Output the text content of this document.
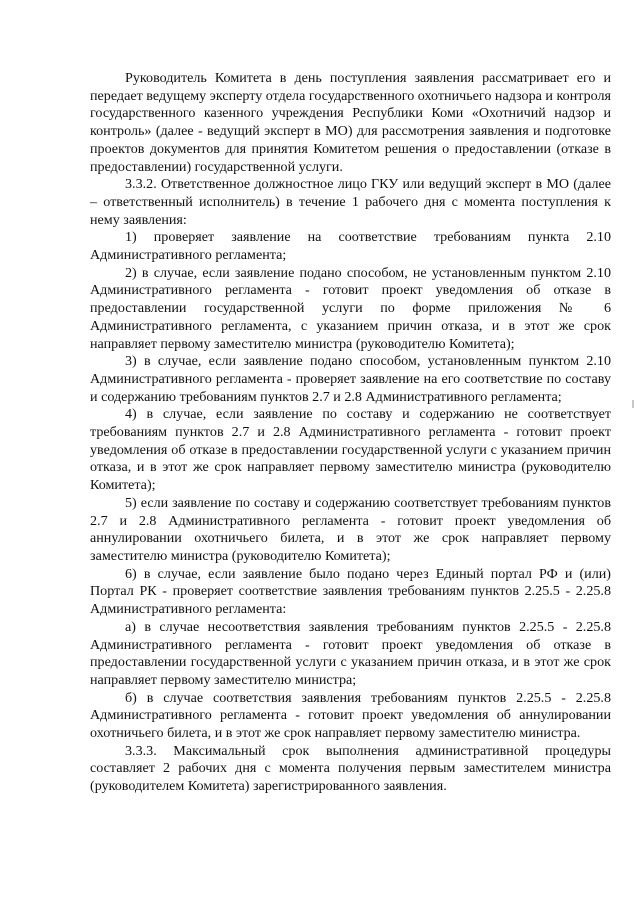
Руководитель Комитета в день поступления заявления рассматривает его и передает ведущему эксперту отдела государственного охотничьего надзора и контроля государственного казенного учреждения Республики Коми «Охотничий надзор и контроль» (далее - ведущий эксперт в МО) для рассмотрения заявления и подготовке проектов документов для принятия Комитетом решения о предоставлении (отказе в предоставлении) государственной услуги.

3.3.2. Ответственное должностное лицо ГКУ или ведущий эксперт в МО (далее – ответственный исполнитель) в течение 1 рабочего дня с момента поступления к нему заявления:

1) проверяет заявление на соответствие требованиям пункта 2.10 Административного регламента;

2) в случае, если заявление подано способом, не установленным пунктом 2.10 Административного регламента - готовит проект уведомления об отказе в предоставлении государственной услуги по форме приложения № 6 Административного регламента, с указанием причин отказа, и в этот же срок направляет первому заместителю министра (руководителю Комитета);

3) в случае, если заявление подано способом, установленным пунктом 2.10 Административного регламента - проверяет заявление на его соответствие по составу и содержанию требованиям пунктов 2.7 и 2.8 Административного регламента;

4) в случае, если заявление по составу и содержанию не соответствует требованиям пунктов 2.7 и 2.8 Административного регламента - готовит проект уведомления об отказе в предоставлении государственной услуги с указанием причин отказа, и в этот же срок направляет первому заместителю министра (руководителю Комитета);

5) если заявление по составу и содержанию соответствует требованиям пунктов 2.7 и 2.8 Административного регламента - готовит проект уведомления об аннулировании охотничьего билета, и в этот же срок направляет первому заместителю министра (руководителю Комитета);

6) в случае, если заявление было подано через Единый портал РФ и (или) Портал РК - проверяет соответствие заявления требованиям пунктов 2.25.5 - 2.25.8 Административного регламента:

а) в случае несоответствия заявления требованиям пунктов 2.25.5 - 2.25.8 Административного регламента - готовит проект уведомления об отказе в предоставлении государственной услуги с указанием причин отказа, и в этот же срок направляет первому заместителю министра;

б) в случае соответствия заявления требованиям пунктов 2.25.5 - 2.25.8 Административного регламента - готовит проект уведомления об аннулировании охотничьего билета, и в этот же срок направляет первому заместителю министра.

3.3.3. Максимальный срок выполнения административной процедуры составляет 2 рабочих дня с момента получения первым заместителем министра (руководителем Комитета) зарегистрированного заявления.
